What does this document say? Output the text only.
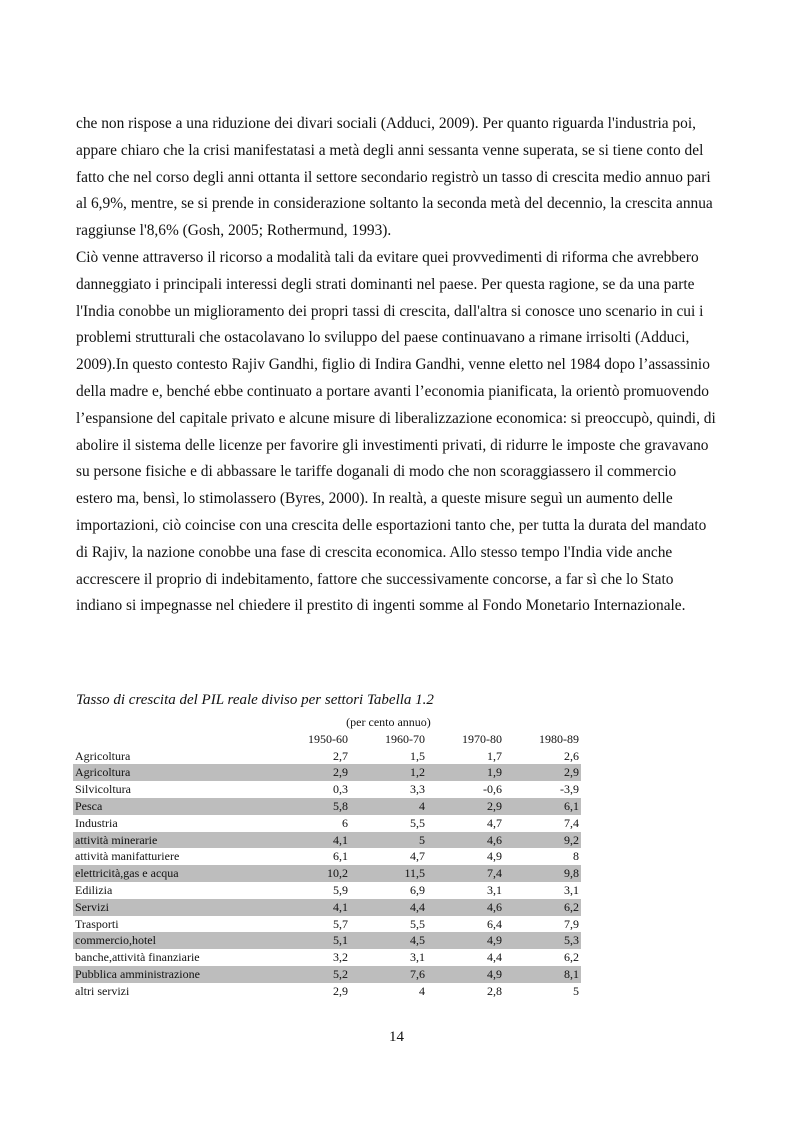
che non rispose a una riduzione dei divari sociali (Adduci, 2009). Per quanto riguarda l'industria poi, appare chiaro che la crisi manifestatasi a metà degli anni sessanta venne superata, se si tiene conto del fatto che nel corso degli anni ottanta il settore secondario registrò un tasso di crescita medio annuo pari al 6,9%, mentre, se si prende in considerazione soltanto la seconda metà del decennio, la crescita annua raggiunse l'8,6% (Gosh, 2005; Rothermund, 1993).

Ciò venne attraverso il ricorso a modalità tali da evitare quei provvedimenti di riforma che avrebbero danneggiato i principali interessi degli strati dominanti nel paese. Per questa ragione, se da una parte l'India conobbe un miglioramento dei propri tassi di crescita, dall'altra si conosce uno scenario in cui i problemi strutturali che ostacolavano lo sviluppo del paese continuavano a rimane irrisolti (Adduci, 2009).In questo contesto Rajiv Gandhi, figlio di Indira Gandhi, venne eletto nel 1984 dopo l’assassinio della madre e, benché ebbe continuato a portare avanti l’economia pianificata, la orientò promuovendo l’espansione del capitale privato e alcune misure di liberalizzazione economica: si preoccupò, quindi, di abolire il sistema delle licenze per favorire gli investimenti privati, di ridurre le imposte che gravavano su persone fisiche e di abbassare le tariffe doganali di modo che non scoraggiassero il commercio estero ma, bensì, lo stimolassero (Byres, 2000). In realtà, a queste misure seguì un aumento delle importazioni, ciò coincise con una crescita delle esportazioni tanto che, per tutta la durata del mandato di Rajiv, la nazione conobbe una fase di crescita economica. Allo stesso tempo l'India vide anche accrescere il proprio di indebitamento, fattore che successivamente concorse, a far sì che lo Stato indiano si impegnasse nel chiedere il prestito di ingenti somme al Fondo Monetario Internazionale.

Tasso di crescita del PIL reale diviso per settori Tabella 1.2

	(per cento annuo)			
	1950-60	1960-70	1970-80	1980-89
Agricoltura	2,7	1,5	1,7	2,6
Agricoltura	2,9	1,2	1,9	2,9
Silvicoltura	0,3	3,3	-0,6	-3,9
Pesca	5,8	4	2,9	6,1
Industria	6	5,5	4,7	7,4
attività minerarie	4,1	5	4,6	9,2
attività manifatturiere	6,1	4,7	4,9	8
elettricità,gas e acqua	10,2	11,5	7,4	9,8
Edilizia	5,9	6,9	3,1	3,1
Servizi	4,1	4,4	4,6	6,2
Trasporti	5,7	5,5	6,4	7,9
commercio,hotel	5,1	4,5	4,9	5,3
banche,attività finanziarie	3,2	3,1	4,4	6,2
Pubblica amministrazione	5,2	7,6	4,9	8,1
altri servizi	2,9	4	2,8	5

14
